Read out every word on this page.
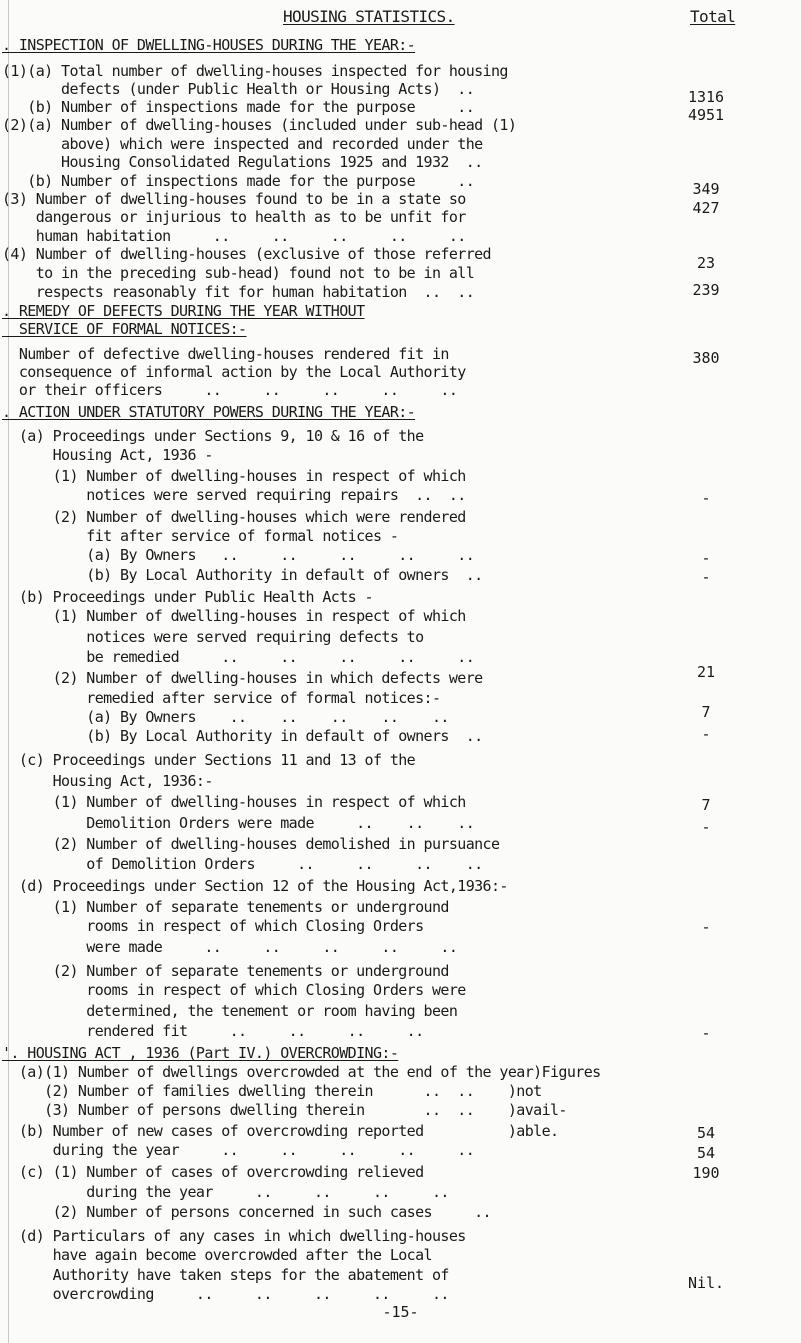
HOUSING STATISTICS.	Total
. INSPECTION OF DWELLING-HOUSES DURING THE YEAR:-
(1)(a) Total number of dwelling-houses inspected for housing
defects (under Public Health or Housing Acts)  ..
(b) Number of inspections made for the purpose     ..
(2)(a) Number of dwelling-houses (included under sub-head (1)
above) which were inspected and recorded under the
Housing Consolidated Regulations 1925 and 1932  ..
(b) Number of inspections made for the purpose     ..
(3) Number of dwelling-houses found to be in a state so
dangerous or injurious to health as to be unfit for
human habitation     ..     ..     ..     ..     ..
(4) Number of dwelling-houses (exclusive of those referred
to in the preceding sub-head) found not to be in all
respects reasonably fit for human habitation  ..  ..
. REMEDY OF DEFECTS DURING THE YEAR WITHOUT
SERVICE OF FORMAL NOTICES:-
Number of defective dwelling-houses rendered fit in
consequence of informal action by the Local Authority
or their officers     ..     ..     ..     ..     ..
. ACTION UNDER STATUTORY POWERS DURING THE YEAR:-
(a) Proceedings under Sections 9, 10 & 16 of the
Housing Act, 1936 -
(1) Number of dwelling-houses in respect of which
notices were served requiring repairs  ..  ..
(2) Number of dwelling-houses which were rendered
fit after service of formal notices -
(a) By Owners   ..     ..     ..     ..     ..
(b) By Local Authority in default of owners  ..
(b) Proceedings under Public Health Acts -
(1) Number of dwelling-houses in respect of which
notices were served requiring defects to
be remedied     ..     ..     ..     ..     ..
(2) Number of dwelling-houses in which defects were
remedied after service of formal notices:-
(a) By Owners    ..    ..    ..    ..    ..
(b) By Local Authority in default of owners  ..
(c) Proceedings under Sections 11 and 13 of the
Housing Act, 1936:-
(1) Number of dwelling-houses in respect of which
Demolition Orders were made     ..    ..    ..
(2) Number of dwelling-houses demolished in pursuance
of Demolition Orders     ..     ..     ..    ..
(d) Proceedings under Section 12 of the Housing Act,1936:-
(1) Number of separate tenements or underground
rooms in respect of which Closing Orders
were made     ..     ..     ..     ..     ..
(2) Number of separate tenements or underground
rooms in respect of which Closing Orders were
determined, the tenement or room having been
rendered fit     ..     ..     ..     ..
'. HOUSING ACT , 1936 (Part IV.) OVERCROWDING:-
(a)(1) Number of dwellings overcrowded at the end of the year)Figures
(2) Number of families dwelling therein      ..  ..    )not
(3) Number of persons dwelling therein       ..  ..    )avail-
(b) Number of new cases of overcrowding reported          )able.
during the year     ..     ..     ..     ..     ..
(c) (1) Number of cases of overcrowding relieved
during the year     ..     ..     ..     ..
(2) Number of persons concerned in such cases     ..
(d) Particulars of any cases in which dwelling-houses
have again become overcrowded after the Local
Authority have taken steps for the abatement of
overcrowding     ..     ..     ..     ..     ..
1316
4951
349
427
23
239
380
-
-
-
21
7
-
7
-
-
-
54
54
190
Nil.
-15-
